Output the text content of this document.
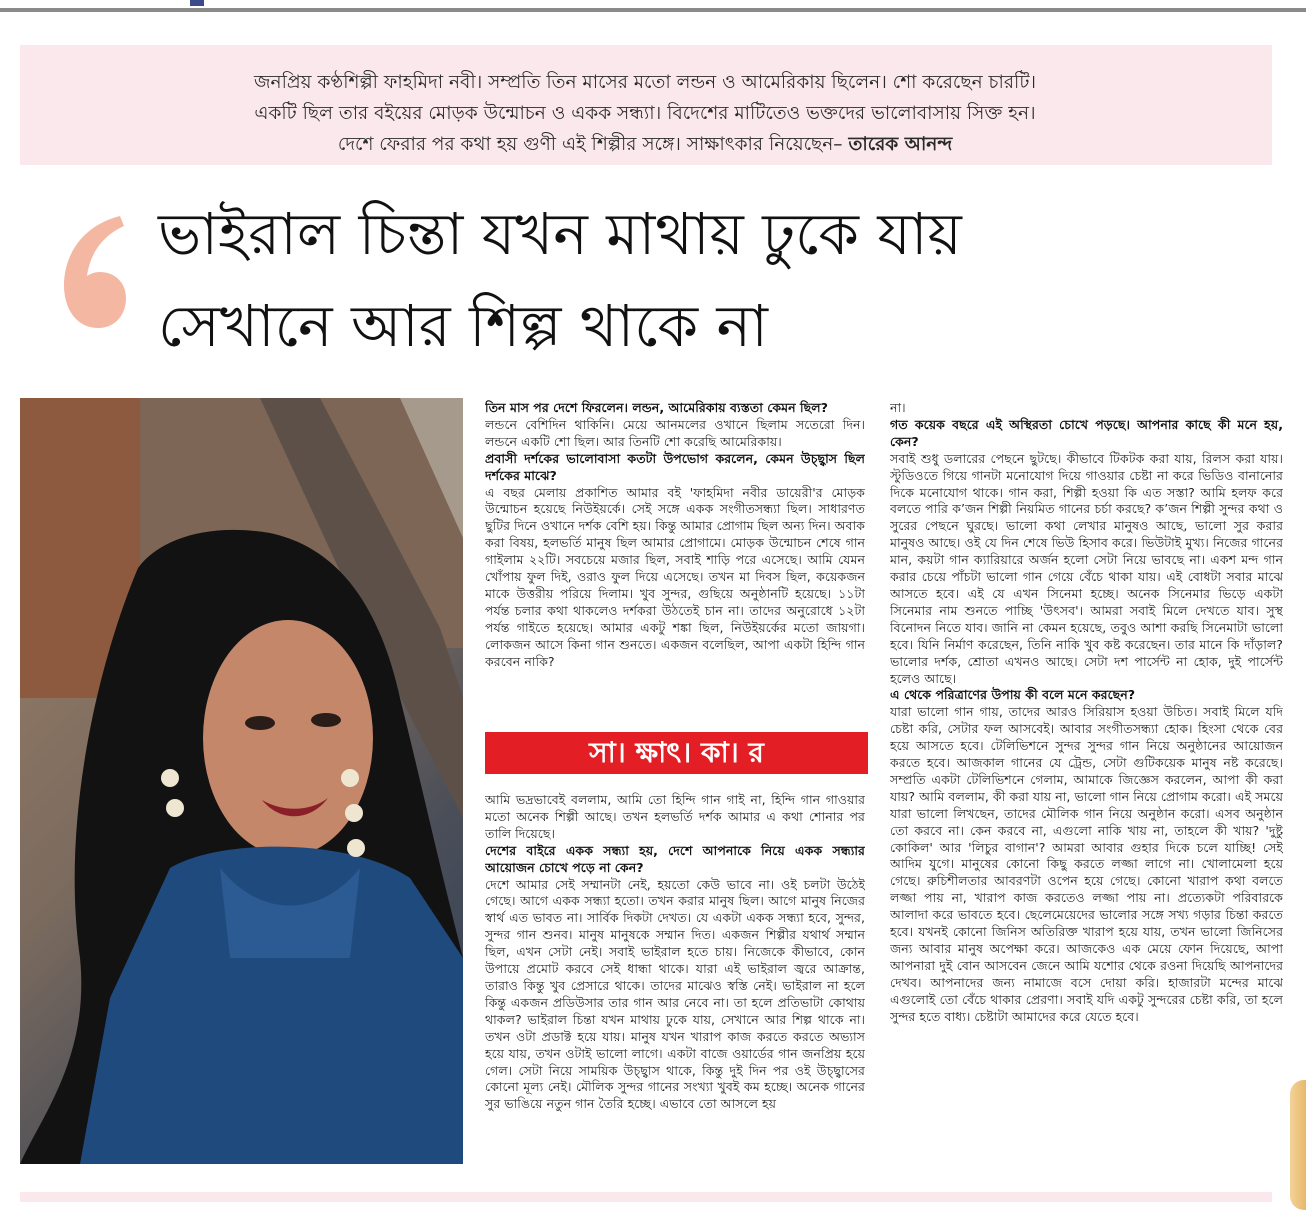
জনপ্রিয় কণ্ঠশিল্পী ফাহমিদা নবী। সম্প্রতি তিন মাসের মতো লন্ডন ও আমেরিকায় ছিলেন। শো করেছেন চারটি।
একটি ছিল তার বইয়ের মোড়ক উন্মোচন ও একক সন্ধ্যা। বিদেশের মাটিতেও ভক্তদের ভালোবাসায় সিক্ত হন।
দেশে ফেরার পর কথা হয় গুণী এই শিল্পীর সঙ্গে। সাক্ষাৎকার নিয়েছেন– তারেক আনন্দ
ভাইরাল চিন্তা যখন মাথায় ঢুকে যায়
সেখানে আর শিল্প থাকে না

তিন মাস পর দেশে ফিরলেন। লন্ডন, আমেরিকায় ব্যস্ততা কেমন ছিল?

লন্ডনে বেশিদিন থাকিনি। মেয়ে আনমলের ওখানে ছিলাম সতেরো দিন। লন্ডনে একটি শো ছিল। আর তিনটি শো করেছি আমেরিকায়।

প্রবাসী দর্শকের ভালোবাসা কতটা উপভোগ করলেন, কেমন উচ্ছ্বাস ছিল দর্শকের মাঝে?

এ বছর মেলায় প্রকাশিত আমার বই 'ফাহমিদা নবীর ডায়েরী'র মোড়ক উন্মোচন হয়েছে নিউইয়র্কে। সেই সঙ্গে একক সংগীতসন্ধ্যা ছিল। সাধারণত ছুটির দিনে ওখানে দর্শক বেশি হয়। কিন্তু আমার প্রোগাম ছিল অন্য দিন। অবাক করা বিষয়, হলভর্তি মানুষ ছিল আমার প্রোগামে। মোড়ক উন্মোচন শেষে গান গাইলাম ২২টি। সবচেয়ে মজার ছিল, সবাই শাড়ি পরে এসেছে। আমি যেমন খোঁপায় ফুল দিই, ওরাও ফুল দিয়ে এসেছে। তখন মা দিবস ছিল, কয়েকজন মাকে উত্তরীয় পরিয়ে দিলাম। খুব সুন্দর, গুছিয়ে অনুষ্ঠানটি হয়েছে। ১১টা পর্যন্ত চলার কথা থাকলেও দর্শকরা উঠতেই চান না। তাদের অনুরোধে ১২টা পর্যন্ত গাইতে হয়েছে। আমার একটু শঙ্কা ছিল, নিউইয়র্কের মতো জায়গা। লোকজন আসে কিনা গান শুনতে। একজন বলেছিল, আপা একটা হিন্দি গান করবেন নাকি?

সা। ক্ষাৎ। কা। র

আমি ভদ্রভাবেই বললাম, আমি তো হিন্দি গান গাই না, হিন্দি গান গাওয়ার মতো অনেক শিল্পী আছে। তখন হলভর্তি দর্শক আমার এ কথা শোনার পর তালি দিয়েছে।

দেশের বাইরে একক সন্ধ্যা হয়, দেশে আপনাকে নিয়ে একক সন্ধ্যার আয়োজন চোখে পড়ে না কেন?

দেশে আমার সেই সম্মানটা নেই, হয়তো কেউ ভাবে না। ওই চলটা উঠেই গেছে। আগে একক সন্ধ্যা হতো। তখন করার মানুষ ছিল। আগে মানুষ নিজের স্বার্থ এত ভাবত না। সার্বিক দিকটা দেখত। যে একটা একক সন্ধ্যা হবে, সুন্দর, সুন্দর গান শুনব। মানুষ মানুষকে সম্মান দিত। একজন শিল্পীর যথার্থ সম্মান ছিল, এখন সেটা নেই। সবাই ভাইরাল হতে চায়। নিজেকে কীভাবে, কোন উপায়ে প্রমোট করবে সেই ধান্ধা থাকে। যারা এই ভাইরাল জ্বরে আক্রান্ত, তারাও কিন্তু খুব প্রেসারে থাকে। তাদের মাঝেও স্বস্তি নেই। ভাইরাল না হলে কিন্তু একজন প্রডিউসার তার গান আর নেবে না। তা হলে প্রতিভাটা কোথায় থাকল? ভাইরাল চিন্তা যখন মাথায় ঢুকে যায়, সেখানে আর শিল্প থাকে না। তখন ওটা প্রডাক্ট হয়ে যায়। মানুষ যখন খারাপ কাজ করতে করতে অভ্যাস হয়ে যায়, তখন ওটাই ভালো লাগে। একটা বাজে ওয়ার্ডের গান জনপ্রিয় হয়ে গেল। সেটা নিয়ে সাময়িক উচ্ছ্বাস থাকে, কিন্তু দুই দিন পর ওই উচ্ছ্বাসের কোনো মূল্য নেই। মৌলিক সুন্দর গানের সংখ্যা খুবই কম হচ্ছে। অনেক গানের সুর ভাঙিয়ে নতুন গান তৈরি হচ্ছে। এভাবে তো আসলে হয়

না।

গত কয়েক বছরে এই অস্থিরতা চোখে পড়ছে। আপনার কাছে কী মনে হয়, কেন?

সবাই শুধু ডলারের পেছনে ছুটছে। কীভাবে টিকটক করা যায়, রিলস করা যায়। স্টুডিওতে গিয়ে গানটা মনোযোগ দিয়ে গাওয়ার চেষ্টা না করে ভিডিও বানানোর দিকে মনোযোগ থাকে। গান করা, শিল্পী হওয়া কি এত সস্তা? আমি হলফ করে বলতে পারি ক’জন শিল্পী নিয়মিত গানের চর্চা করছে? ক’জন শিল্পী সুন্দর কথা ও সুরের পেছনে ঘুরছে। ভালো কথা লেখার মানুষও আছে, ভালো সুর করার মানুষও আছে। ওই যে দিন শেষে ভিউ হিসাব করে। ভিউটাই মুখ্য। নিজের গানের মান, কয়টা গান ক্যারিয়ারে অর্জন হলো সেটা নিয়ে ভাবছে না। একশ মন্দ গান করার চেয়ে পাঁচটা ভালো গান গেয়ে বেঁচে থাকা যায়। এই বোধটা সবার মাঝে আসতে হবে। এই যে এখন সিনেমা হচ্ছে। অনেক সিনেমার ভিড়ে একটা সিনেমার নাম শুনতে পাচ্ছি 'উৎসব'। আমরা সবাই মিলে দেখতে যাব। সুস্থ বিনোদন নিতে যাব। জানি না কেমন হয়েছে, তবুও আশা করছি সিনেমাটা ভালো হবে। যিনি নির্মাণ করেছেন, তিনি নাকি খুব কষ্ট করেছেন। তার মানে কি দাঁড়াল? ভালোর দর্শক, শ্রোতা এখনও আছে। সেটা দশ পার্সেন্ট না হোক, দুই পার্সেন্ট হলেও আছে।

এ থেকে পরিত্রাণের উপায় কী বলে মনে করছেন?

যারা ভালো গান গায়, তাদের আরও সিরিয়াস হওয়া উচিত। সবাই মিলে যদি চেষ্টা করি, সেটার ফল আসবেই। আবার সংগীতসন্ধ্যা হোক। হিংসা থেকে বের হয়ে আসতে হবে। টেলিভিশনে সুন্দর সুন্দর গান নিয়ে অনুষ্ঠানের আয়োজন করতে হবে। আজকাল গানের যে ট্রেন্ড, সেটা গুটিকয়েক মানুষ নষ্ট করেছে। সম্প্রতি একটা টেলিভিশনে গেলাম, আমাকে জিজ্ঞেস করলেন, আপা কী করা যায়? আমি বললাম, কী করা যায় না, ভালো গান নিয়ে প্রোগাম করো। এই সময়ে যারা ভালো লিখছেন, তাদের মৌলিক গান নিয়ে অনুষ্ঠান করো। এসব অনুষ্ঠান তো করবে না। কেন করবে না, এগুলো নাকি খায় না, তাহলে কী খায়? 'দুষ্টু কোকিল' আর 'লিচুর বাগান'? আমরা আবার গুহার দিকে চলে যাচ্ছি! সেই আদিম যুগে। মানুষের কোনো কিছু করতে লজ্জা লাগে না। খোলামেলা হয়ে গেছে। রুচিশীলতার আবরণটা ওপেন হয়ে গেছে। কোনো খারাপ কথা বলতে লজ্জা পায় না, খারাপ কাজ করতেও লজ্জা পায় না। প্রত্যেকটা পরিবারকে আলাদা করে ভাবতে হবে। ছেলেমেয়েদের ভালোর সঙ্গে সখ্য গড়ার চিন্তা করতে হবে। যখনই কোনো জিনিস অতিরিক্ত খারাপ হয়ে যায়, তখন ভালো জিনিসের জন্য আবার মানুষ অপেক্ষা করে। আজকেও এক মেয়ে ফোন দিয়েছে, আপা আপনারা দুই বোন আসবেন জেনে আমি যশোর থেকে রওনা দিয়েছি আপনাদের দেখব। আপনাদের জন্য নামাজে বসে দোয়া করি। হাজারটা মন্দের মাঝে এগুলোই তো বেঁচে থাকার প্রেরণা। সবাই যদি একটু সুন্দরের চেষ্টা করি, তা হলে সুন্দর হতে বাধ্য। চেষ্টাটা আমাদের করে যেতে হবে।
